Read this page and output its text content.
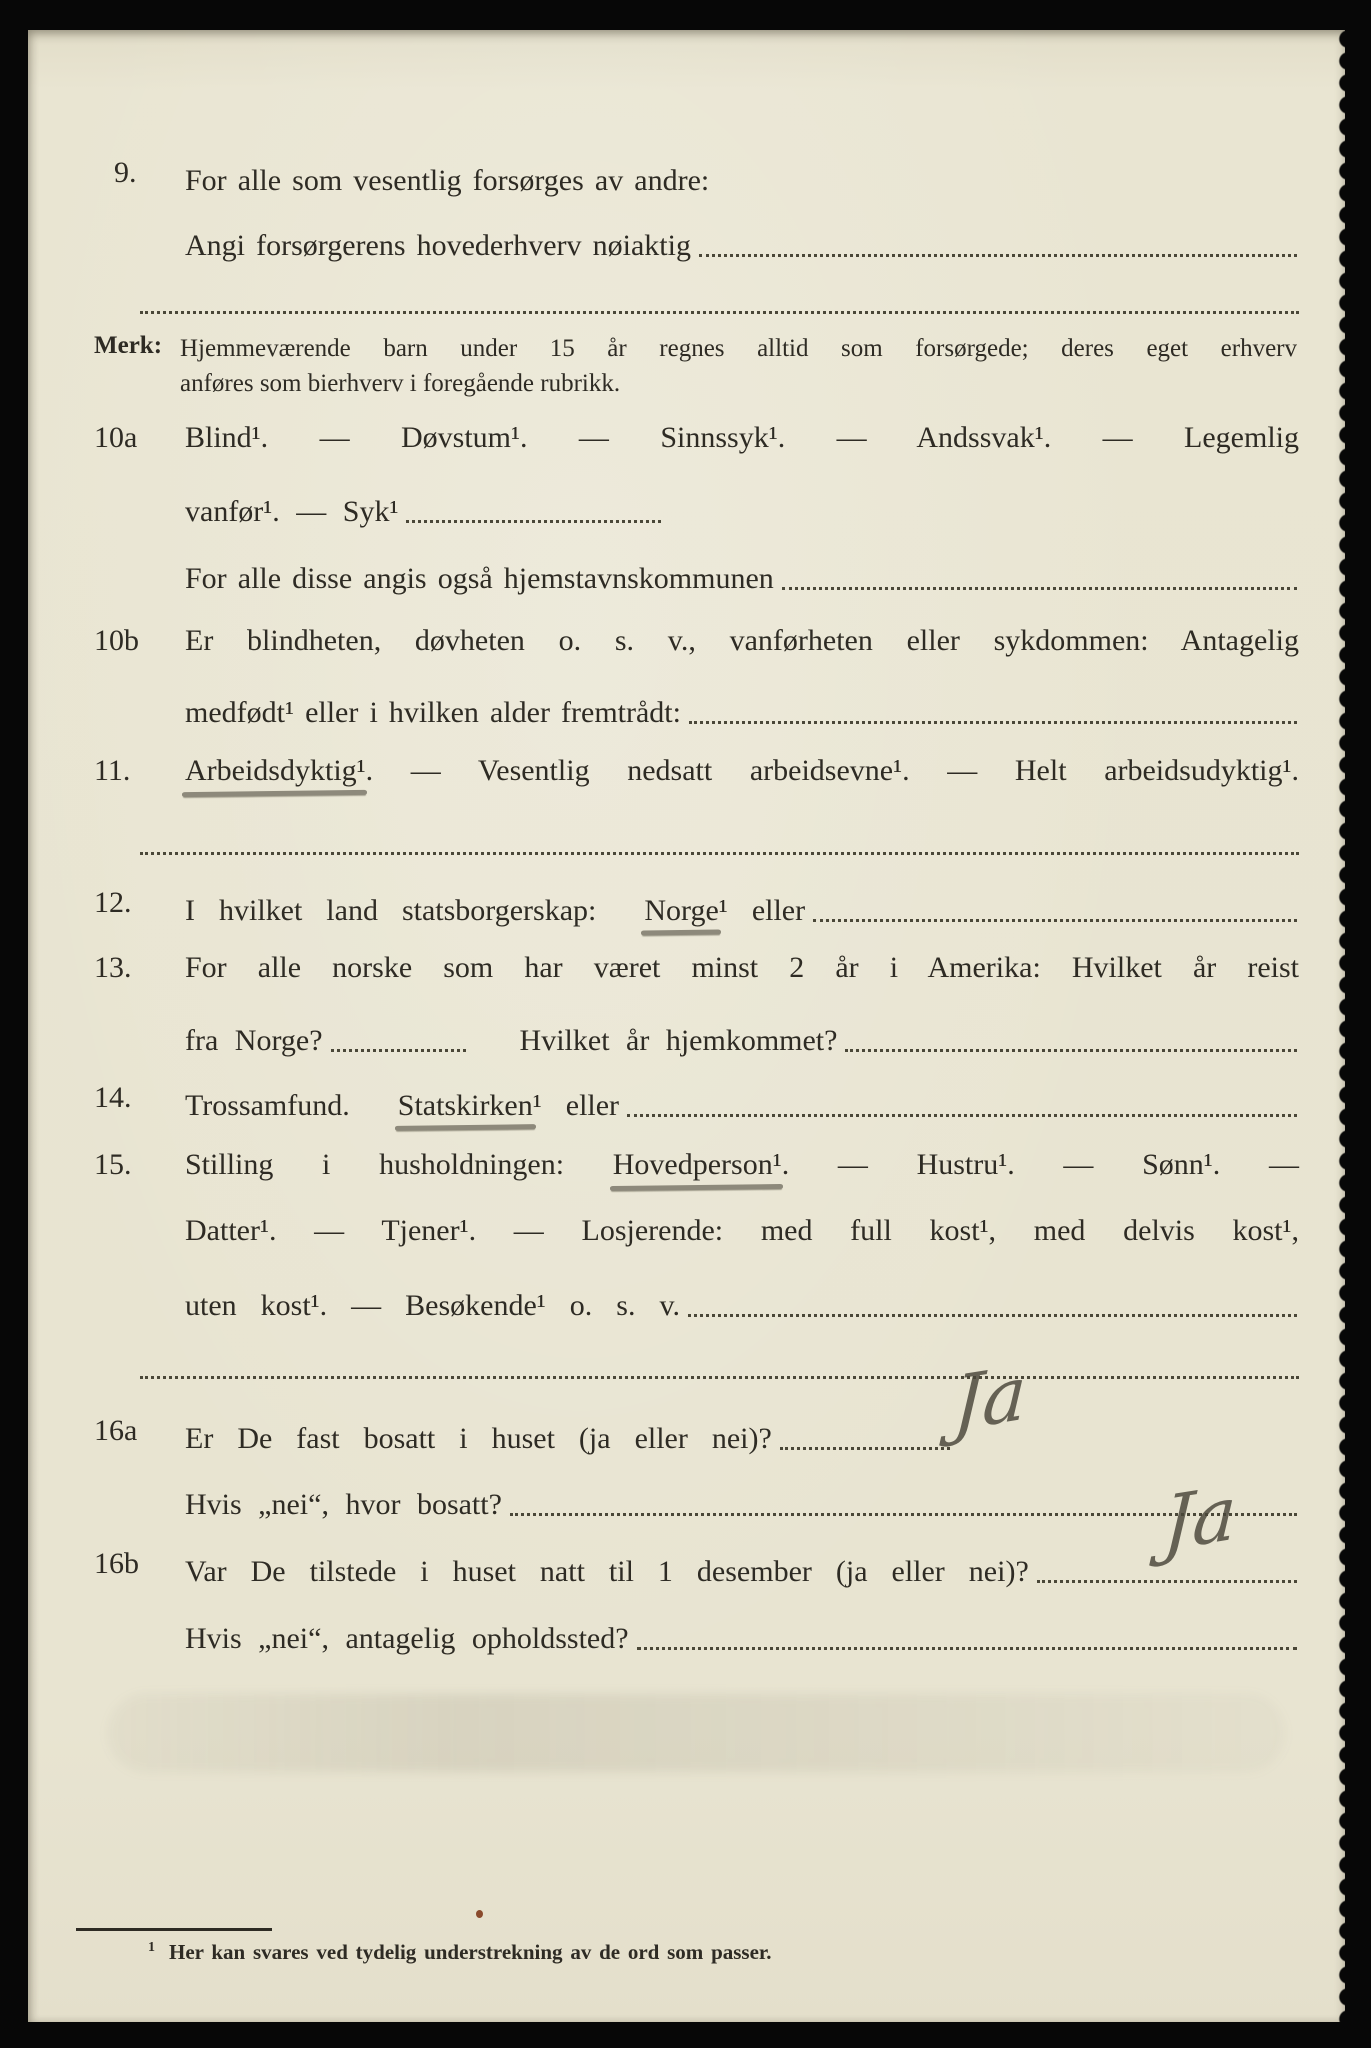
9.	For alle som vesentlig forsørges av andre:
Angi forsørgerens hovederhverv nøiaktig
Merk: Hjemmeværende barn under 15 år regnes alltid som forsørgede; deres eget erhverv
anføres som bierhverv i foregående rubrikk.
10a	Blind¹. — Døvstum¹. — Sinnssyk¹. — Andssvak¹. — Legemlig
vanfør¹. — Syk¹
For alle disse angis også hjemstavnskommunen
10b	Er blindheten, døvheten o. s. v., vanførheten eller sykdommen: Antagelig
medfødt¹ eller i hvilken alder fremtrådt:
11.	Arbeidsdyktig¹. — Vesentlig nedsatt arbeidsevne¹. — Helt arbeidsudyktig¹.
12.	I hvilket land statsborgerskap: Norge¹ eller
13.	For alle norske som har været minst 2 år i Amerika: Hvilket år reist
fra Norge?	Hvilket år hjemkommet?
14.	Trossamfund. Statskirken¹ eller
15.	Stilling i husholdningen: Hovedperson¹. — Hustru¹. — Sønn¹. —
Datter¹. — Tjener¹. — Losjerende: med full kost¹, med delvis kost¹,
uten kost¹. — Besøkende¹ o. s. v.
16a	Er De fast bosatt i huset (ja eller nei)? Ja
Hvis „nei“, hvor bosatt?
16b	Var De tilstede i huset natt til 1 desember (ja eller nei)?
Ja
Hvis „nei“, antagelig opholdssted?
$^1$ Her kan svares ved tydelig understrekning av de ord som passer.
